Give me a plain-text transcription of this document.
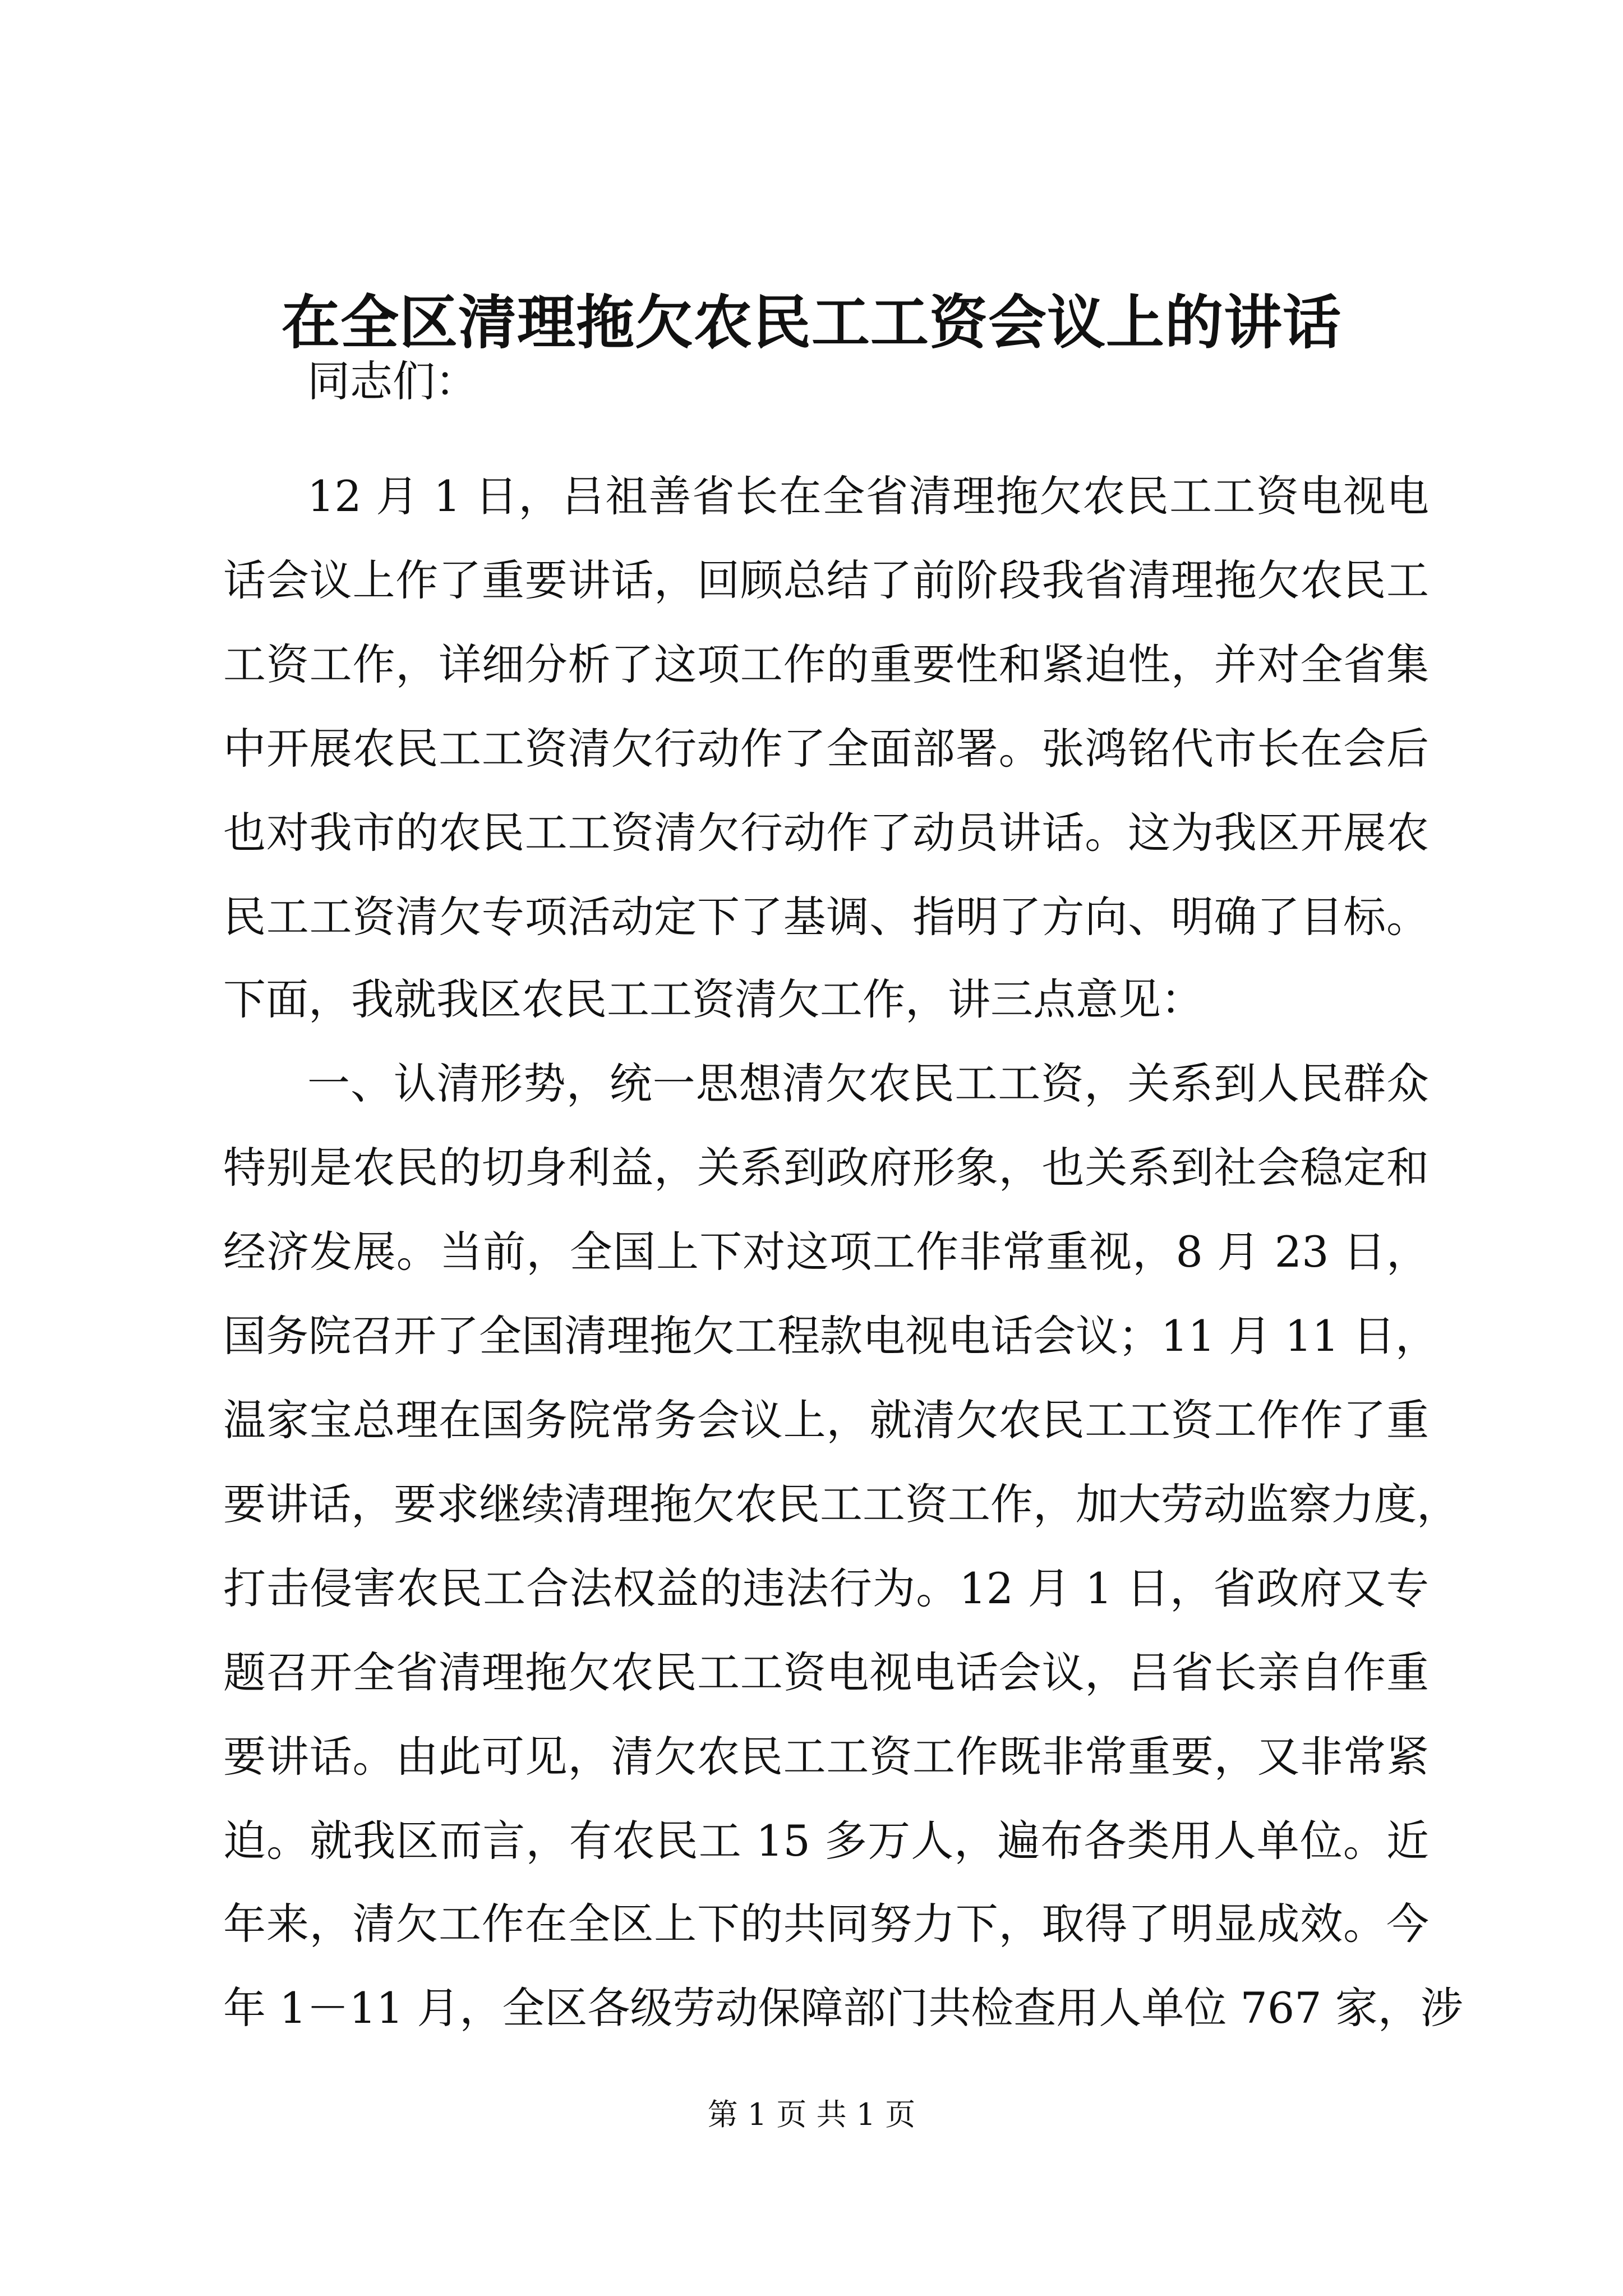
在全区清理拖欠农民工工资会议上的讲话
同志们：
12 月 1 日，吕祖善省长在全省清理拖欠农民工工资电视电
话会议上作了重要讲话，回顾总结了前阶段我省清理拖欠农民工
工资工作，详细分析了这项工作的重要性和紧迫性，并对全省集
中开展农民工工资清欠行动作了全面部署。张鸿铭代市长在会后
也对我市的农民工工资清欠行动作了动员讲话。这为我区开展农
民工工资清欠专项活动定下了基调、指明了方向、明确了目标。
下面，我就我区农民工工资清欠工作，讲三点意见：
一、认清形势，统一思想清欠农民工工资，关系到人民群众
特别是农民的切身利益，关系到政府形象，也关系到社会稳定和
经济发展。当前，全国上下对这项工作非常重视，8 月 23 日，
国务院召开了全国清理拖欠工程款电视电话会议；11 月 11 日，
温家宝总理在国务院常务会议上，就清欠农民工工资工作作了重
要讲话，要求继续清理拖欠农民工工资工作，加大劳动监察力度，
打击侵害农民工合法权益的违法行为。12 月 1 日，省政府又专
题召开全省清理拖欠农民工工资电视电话会议，吕省长亲自作重
要讲话。由此可见，清欠农民工工资工作既非常重要，又非常紧
迫。就我区而言，有农民工 15 多万人，遍布各类用人单位。近
年来，清欠工作在全区上下的共同努力下，取得了明显成效。今
年 1－11 月，全区各级劳动保障部门共检查用人单位 767 家，涉
第 1 页 共 1 页
